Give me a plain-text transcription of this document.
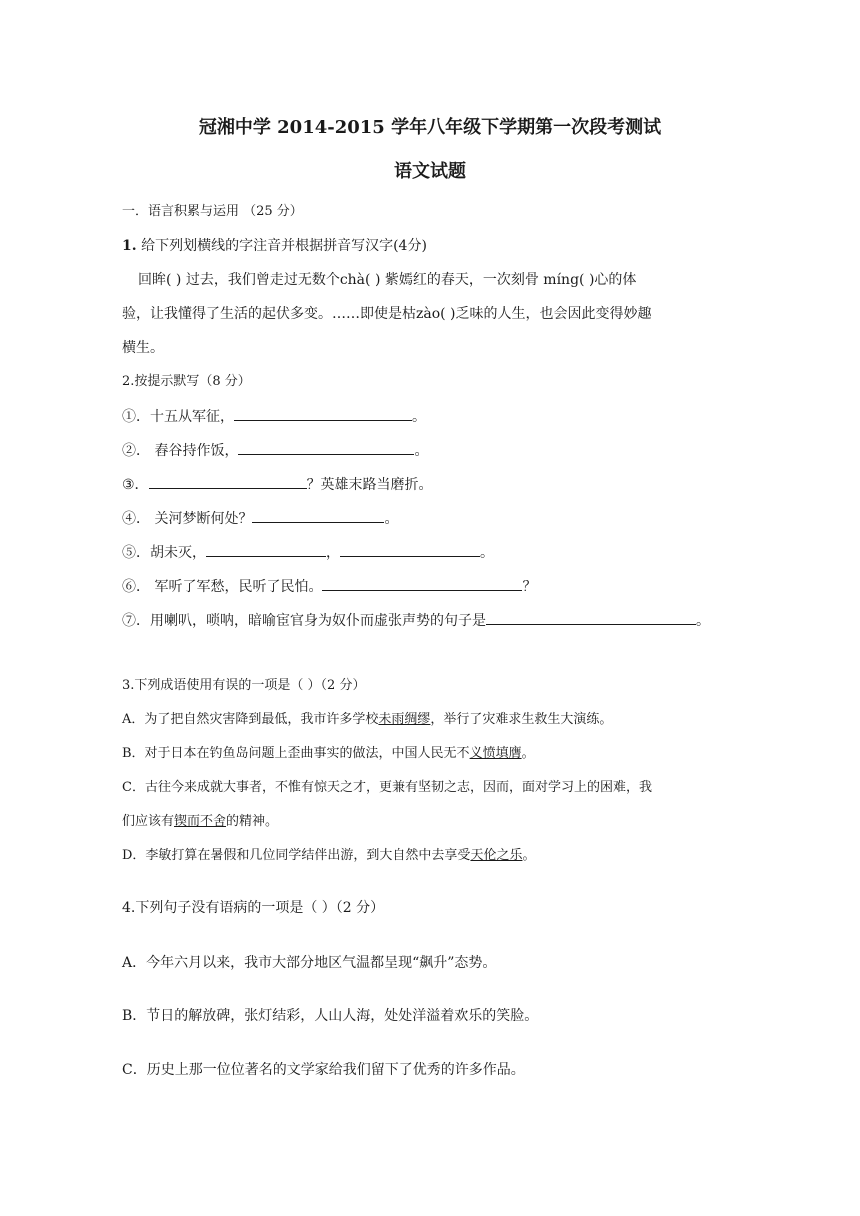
冠湘中学 2014-2015 学年八年级下学期第一次段考测试
语文试题
一．语言积累与运用 （25 分）
1. 给下列划横线的字注音并根据拼音写汉字(4分)
回眸( ) 过去，我们曾走过无数个chà( ) 紫嫣红的春天，一次刻骨 míng( )心的体
验，让我懂得了生活的起伏多变。……即使是枯zào( )乏味的人生，也会因此变得妙趣
横生。
2.按提示默写（8 分）
①．十五从军征，	。
②． 舂谷持作饭，	。
③．	？英雄末路当磨折。
④． 关河梦断何处？	。
⑤．胡未灭，	，	。
⑥． 军听了军愁，民听了民怕。	？
⑦．用喇叭，唢呐，暗喻宦官身为奴仆而虚张声势的句子是	。
3.下列成语使用有误的一项是（ ）（2 分）
A．为了把自然灾害降到最低，我市许多学校未雨绸缪，举行了灾难求生救生大演练。
B．对于日本在钓鱼岛问题上歪曲事实的做法，中国人民无不义愤填膺。
C．古往今来成就大事者，不惟有惊天之才，更兼有坚韧之志，因而，面对学习上的困难，我
们应该有锲而不舍的精神。
D．李敏打算在暑假和几位同学结伴出游，到大自然中去享受天伦之乐。
4.下列句子没有语病的一项是（ ）（2 分）
A．今年六月以来，我市大部分地区气温都呈现“飙升”态势。
B．节日的解放碑，张灯结彩，人山人海，处处洋溢着欢乐的笑脸。
C．历史上那一位位著名的文学家给我们留下了优秀的许多作品。
